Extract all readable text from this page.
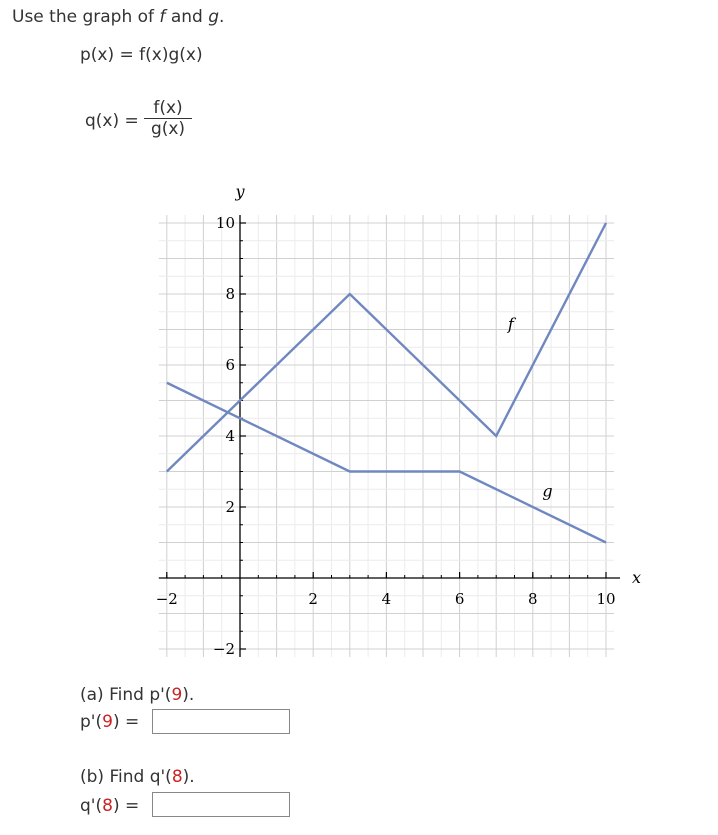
Use the graph of f and g.
p(x) = f(x)g(x)
q(x) =
f(x)
g(x)
−2	2	4	6	8	10
−2
2
4
6
8
10
x
y
f
g
(a) Find p'(9).
p'(9) =
(b) Find q'(8).
q'(8) =
